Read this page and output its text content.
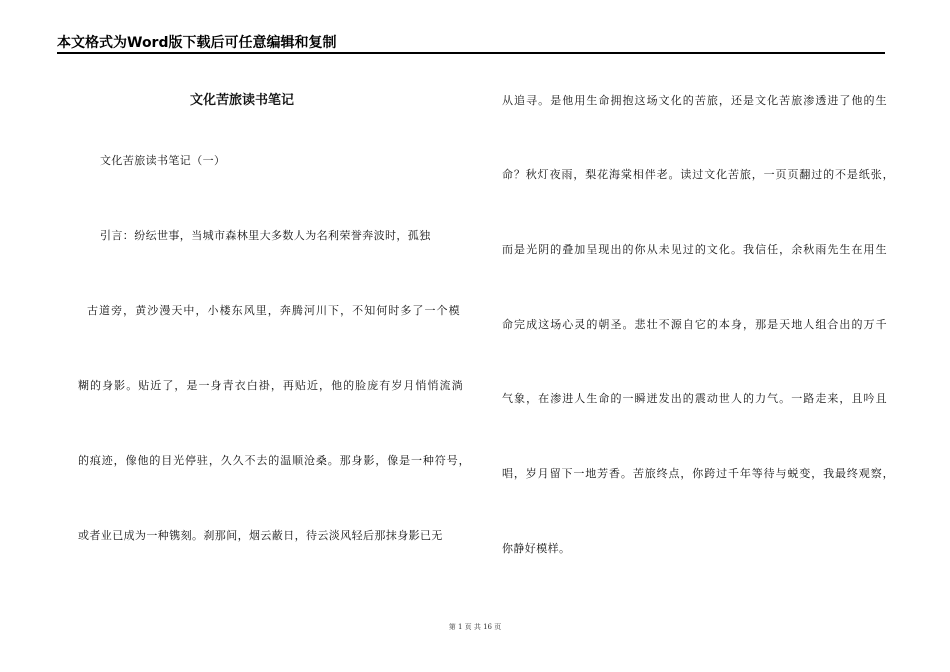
本文格式为Word版下载后可任意编辑和复制
文化苦旅读书笔记
文化苦旅读书笔记（一）
引言：纷纭世事，当城市森林里大多数人为名利荣誉奔波时，孤独
古道旁，黄沙漫天中，小楼东风里，奔腾河川下，不知何时多了一个模
糊的身影。贴近了，是一身青衣白褂，再贴近，他的脸庞有岁月悄悄流淌
的痕迹，像他的目光停驻，久久不去的温顺沧桑。那身影，像是一种符号，
或者业已成为一种镌刻。刹那间，烟云蔽日，待云淡风轻后那抹身影已无
从追寻。是他用生命拥抱这场文化的苦旅，还是文化苦旅渗透进了他的生
命？秋灯夜雨，梨花海棠相伴老。读过文化苦旅，一页页翻过的不是纸张，
而是光阴的叠加呈现出的你从未见过的文化。我信任，余秋雨先生在用生
命完成这场心灵的朝圣。悲壮不源自它的本身，那是天地人组合出的万千
气象，在渗进人生命的一瞬迸发出的震动世人的力气。一路走来，且吟且
唱，岁月留下一地芳香。苦旅终点，你跨过千年等待与蜕变，我最终观察，
你静好模样。
第 1 页 共 16 页
